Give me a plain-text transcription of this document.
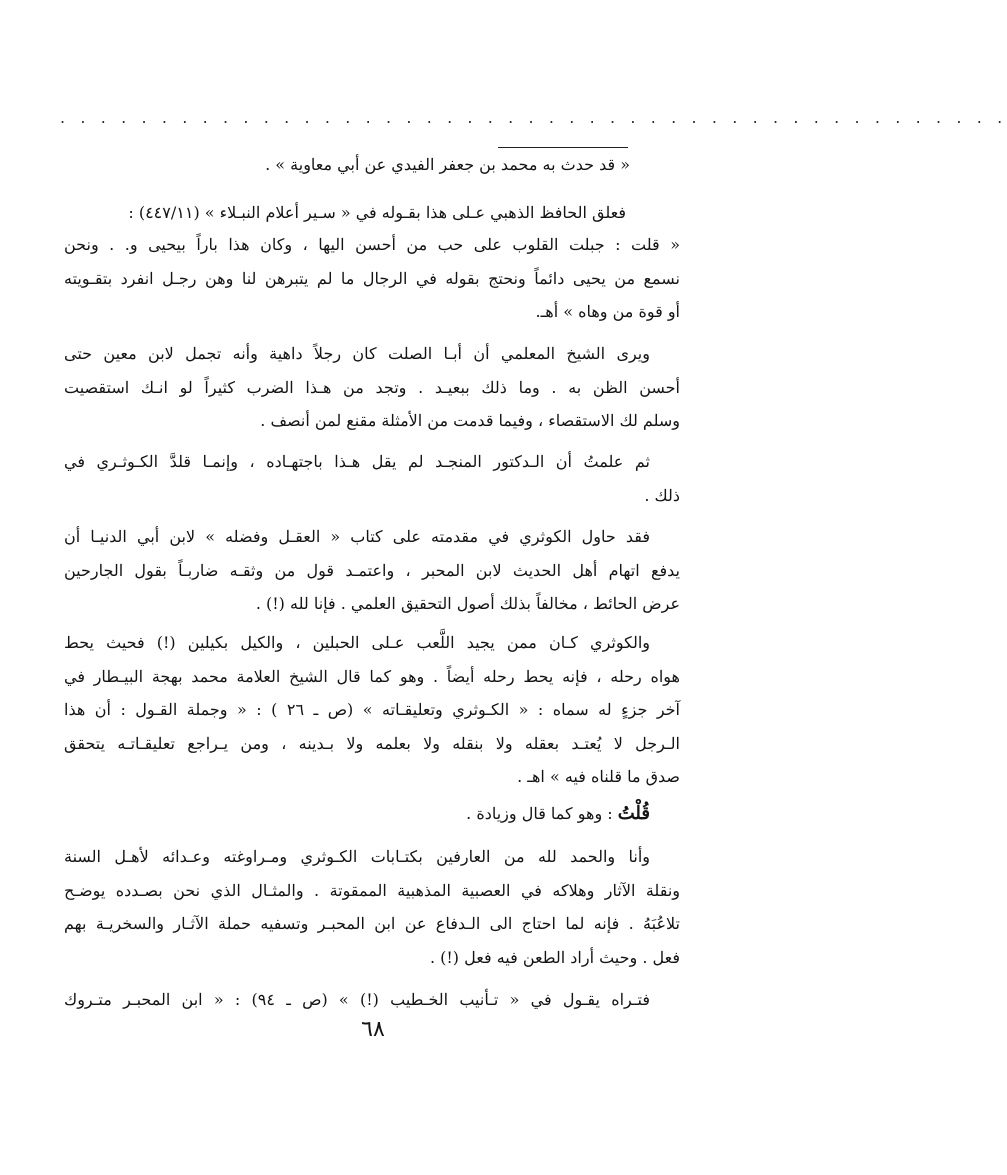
. . . . . . . . . . . . . . . . . . . . . . . . . . . . . . . . . . . . . . . . . . . . . . .
« قد حدث به محمد بن جعفر الفيدي عن أبي معاوية » .
فعلق الحافظ الذهبي عـلى هذا بقـوله في « سـير أعلام النبـلاء » (٤٤٧/١١) :
« قلت : جبلت القلوب على حب من أحسن اليها ، وكان هذا باراً بيحيى و. . ونحن
نسمع من يحيى دائماً ونحتج بقوله في الرجال ما لم يتبرهن لنا وهن رجـل انفرد بتقـويته
أو قوة من وهاه » أهـ.
ويرى الشيخ المعلمي أن أبـا الصلت كان رجلاً داهية وأنه تجمل لابن معين حتى
أحسن الظن به . وما ذلك ببعيـد . وتجد من هـذا الضرب كثيراً لو انـك استقصيت
وسلم لك الاستقصاء ، وفيما قدمت من الأمثلة مقنع لمن أنصف .
ثم علمتُ أن الـدكتور المنجـد لم يقل هـذا باجتهـاده ، وإنمـا قلدَّ الكـوثـري في
ذلك .
فقد حاول الكوثري في مقدمته على كتاب « العقـل وفضله » لابن أبي الدنيـا أن
يدفع اتهام أهل الحديث لابن المحبر ، واعتمـد قول من وثقـه ضاربـاً بقول الجارحين
عرض الحائط ، مخالفاً بذلك أصول التحقيق العلمي . فإنا لله (!) .
والكوثري كـان ممن يجيد اللَّعب عـلى الحبلين ، والكيل بكيلين (!) فحيث يحط
هواه رحله ، فإنه يحط رحله أيضاً . وهو كما قال الشيخ العلامة محمد بهجة البيـطار في
آخر جزءٍ له سماه : « الكـوثري وتعليقـاته » (ص ـ ٢٦ ) : « وجملة القـول : أن هذا
الـرجل لا يُعتـد بعقله ولا بنقله ولا بعلمه ولا بـدينه ، ومن يـراجع تعليقـاتـه يتحقق
صدق ما قلناه فيه » اهـ .
قُلْتُ : وهو كما قال وزيادة .
وأنا والحمد لله من العارفين بكتـابات الكـوثري ومـراوغته وعـدائه لأهـل السنة
ونقلة الآثار وهلاكه في العصبية المذهبية الممقوتة . والمثـال الذي نحن بصـدده يوضـح
تلاعُبَهُ . فإنه لما احتاج الى الـدفاع عن ابن المحبـر وتسفيه حملة الآثـار والسخريـة بهم
فعل . وحيث أراد الطعن فيه فعل (!) .
فتـراه يقـول في « تـأنيب الخـطيب (!) » (ص ـ ٩٤) : « ابن المحبـر متـروك
٦٨
